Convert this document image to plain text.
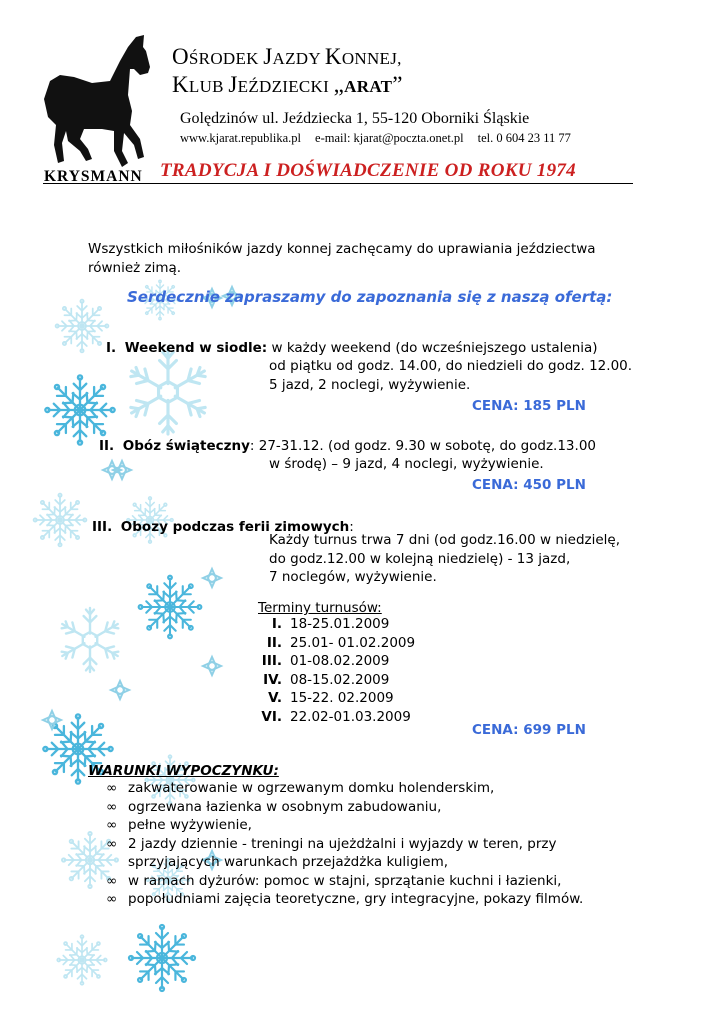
OŚRODEK JAZDY KONNEJ,
KLUB JEŹDZIECKI „ARAT”
Golędzinów ul. Jeździecka 1, 55-120 Oborniki Śląskie
www.kjarat.republika.pl e-mail: kjarat@poczta.onet.pl tel. 0 604 23 11 77
KRYSMANN TRADYCJA I DOŚWIADCZENIE OD ROKU 1974
Wszystkich miłośników jazdy konnej zachęcamy do uprawiania jeździectwa
również zimą.
Serdecznie zapraszamy do zapoznania się z naszą ofertą:
I. Weekend w siodle: w każdy weekend (do wcześniejszego ustalenia)
od piątku od godz. 14.00, do niedzieli do godz. 12.00.
5 jazd, 2 noclegi, wyżywienie.
CENA: 185 PLN
II. Obóz świąteczny: 27-31.12. (od godz. 9.30 w sobotę, do godz.13.00
w środę) – 9 jazd, 4 noclegi, wyżywienie.
CENA: 450 PLN
III. Obozy podczas ferii zimowych:
Każdy turnus trwa 7 dni (od godz.16.00 w niedzielę,
do godz.12.00 w kolejną niedzielę) - 13 jazd,
7 noclegów, wyżywienie.
Terminy turnusów:
I. 18-25.01.2009
II. 25.01- 01.02.2009
III. 01-08.02.2009
IV. 08-15.02.2009
V. 15-22. 02.2009
VI. 22.02-01.03.2009
CENA: 699 PLN
WARUNKI WYPOCZYNKU:
∞ zakwaterowanie w ogrzewanym domku holenderskim,
∞ ogrzewana łazienka w osobnym zabudowaniu,
∞ pełne wyżywienie,
∞ 2 jazdy dziennie - treningi na ujeżdżalni i wyjazdy w teren, przy
sprzyjających warunkach przejażdżka kuligiem,
∞ w ramach dyżurów: pomoc w stajni, sprzątanie kuchni i łazienki,
∞ popołudniami zajęcia teoretyczne, gry integracyjne, pokazy filmów.
